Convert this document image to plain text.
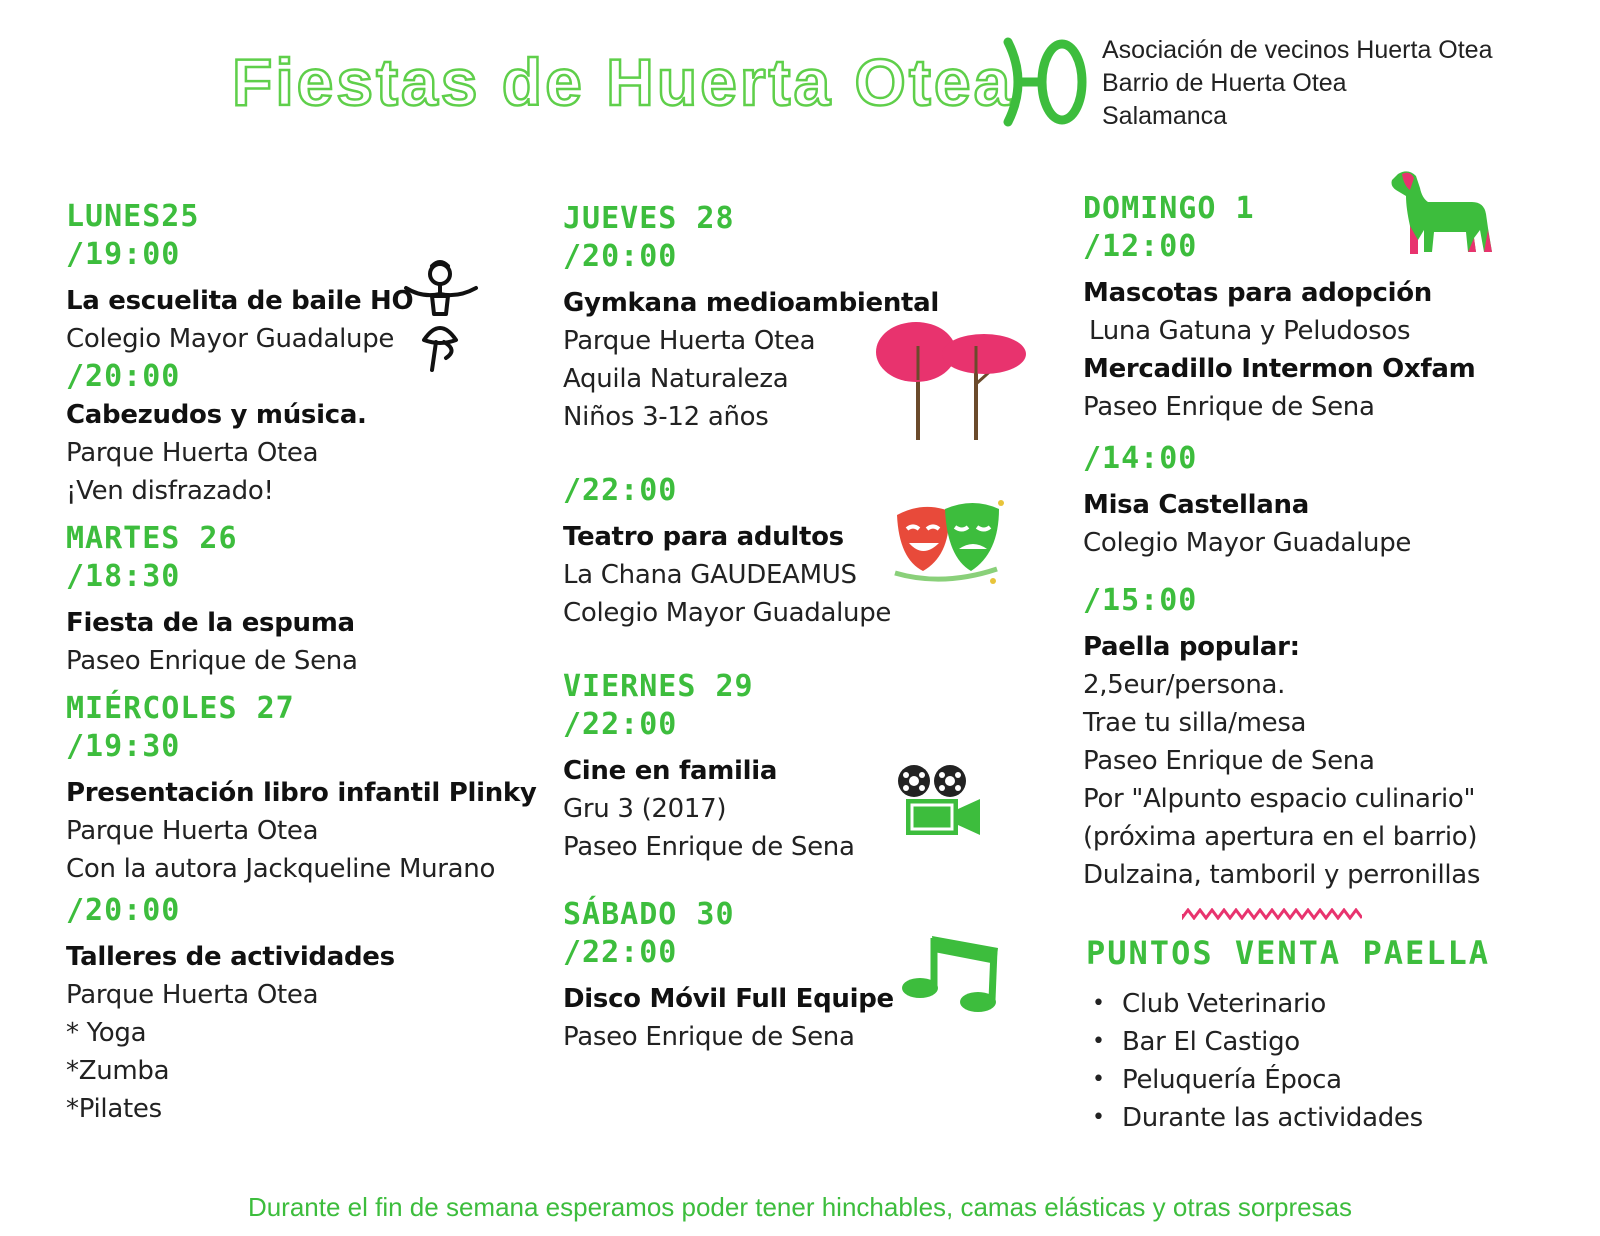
Fiestas de Huerta Otea	Asociación de vecinos Huerta Otea
Barrio de Huerta Otea
Salamanca
LUNES25
/19:00
La escuelita de baile HO
Colegio Mayor Guadalupe
/20:00
Cabezudos y música.
Parque Huerta Otea
¡Ven disfrazado!
MARTES 26
/18:30
Fiesta de la espuma
Paseo Enrique de Sena
MIÉRCOLES 27
/19:30
Presentación libro infantil Plinky
Parque Huerta Otea
Con la autora Jackqueline Murano
/20:00
Talleres de actividades
Parque Huerta Otea
* Yoga
*Zumba
*Pilates
JUEVES 28
/20:00
Gymkana medioambiental
Parque Huerta Otea
Aquila Naturaleza
Niños 3-12 años
/22:00
Teatro para adultos
La Chana GAUDEAMUS
Colegio Mayor Guadalupe
VIERNES 29
/22:00
Cine en familia
Gru 3 (2017)
Paseo Enrique de Sena
SÁBADO 30
/22:00
Disco Móvil Full Equipe
Paseo Enrique de Sena
DOMINGO 1
/12:00
Mascotas para adopción
Luna Gatuna y Peludosos
Mercadillo Intermon Oxfam
Paseo Enrique de Sena
/14:00
Misa Castellana
Colegio Mayor Guadalupe
/15:00
Paella popular:
2,5eur/persona.
Trae tu silla/mesa
Paseo Enrique de Sena
Por "Alpunto espacio culinario"
(próxima apertura en el barrio)
Dulzaina, tamboril y perronillas
PUNTOS VENTA PAELLA
• Club Veterinario
• Bar El Castigo
• Peluquería Época
• Durante las actividades
Durante el fin de semana esperamos poder tener hinchables, camas elásticas y otras sorpresas
